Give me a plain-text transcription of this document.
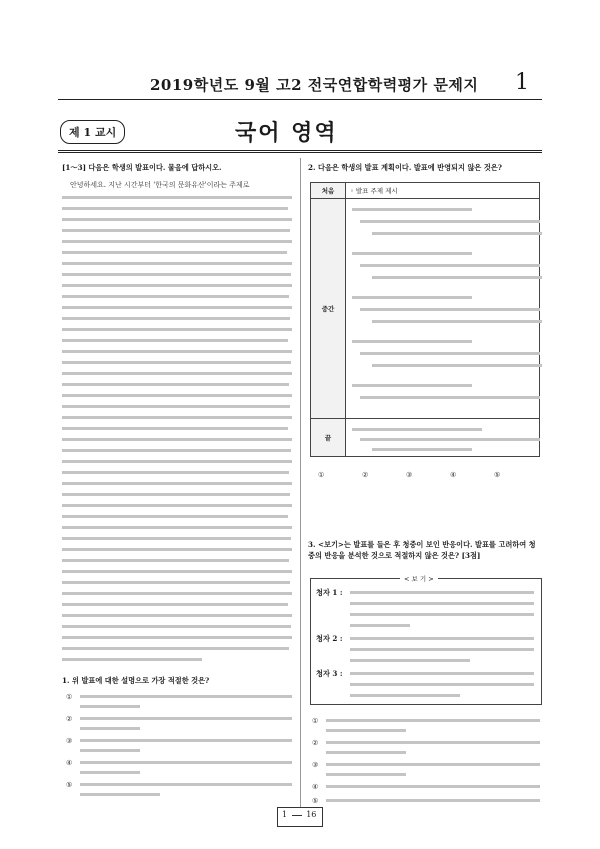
2019학년도 9월 고2 전국연합학력평가 문제지 1
제 1 교시	국어 영역
[1～3] 다음은 학생의 발표이다. 물음에 답하시오.
안녕하세요. 지난 시간부터 '한국의 문화유산'이라는 주제로
1. 위 발표에 대한 설명으로 가장 적절한 것은?
①
②
③
④
⑤
2. 다음은 학생의 발표 계획이다. 발표에 반영되지 않은 것은?
처음	◦ 발표 주제 제시
중간	

끝	
①	②	③	④	⑤
3. <보기>는 발표를 들은 후 청중이 보인 반응이다. 발표를 고려하여 청중의 반응을 분석한 것으로 적절하지 않은 것은? [3점]
< 보 기 >
청자 1 :
청자 2 :
청자 3 :
①
②
③
④
⑤
1 16
